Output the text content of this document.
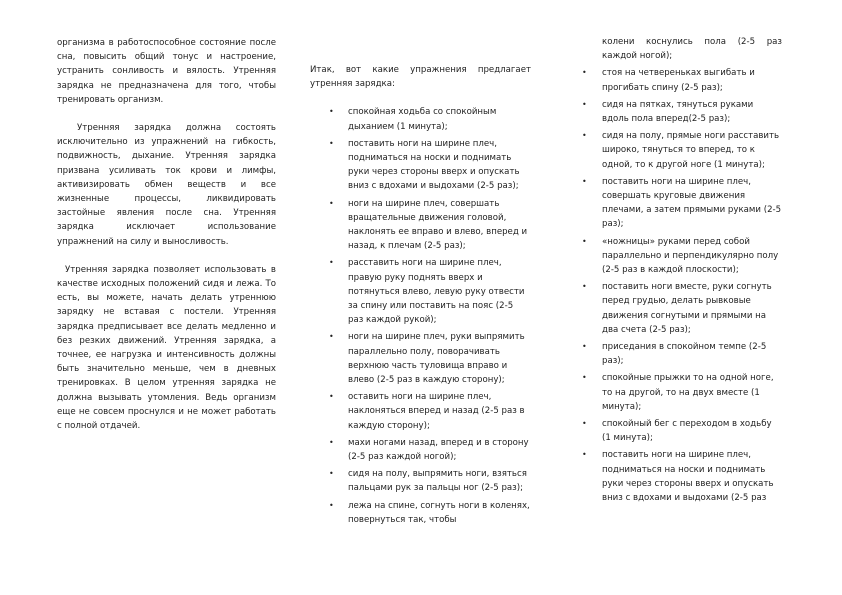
организма в работоспособное состояние после сна, повысить общий тонус и настроение, устранить сонливость и вялость. Утренняя зарядка не предназначена для того, чтобы тренировать организм.

Утренняя зарядка должна состоять исключительно из упражнений на гибкость, подвижность, дыхание. Утренняя зарядка призвана усиливать ток крови и лимфы, активизировать обмен веществ и все жизненные процессы, ликвидировать застойные явления после сна. Утренняя зарядка исключает использование упражнений на силу и выносливость.

Утренняя зарядка позволяет использовать в качестве исходных положений сидя и лежа. То есть, вы можете, начать делать утреннюю зарядку не вставая с постели. Утренняя зарядка предписывает все делать медленно и без резких движений. Утренняя зарядка, а точнее, ее нагрузка и интенсивность должны быть значительно меньше, чем в дневных тренировках. В целом утренняя зарядка не должна вызывать утомления. Ведь организм еще не совсем проснулся и не может работать с полной отдачей.

Итак, вот какие упражнения предлагает утренняя зарядка:

•	спокойная ходьба со спокойным дыханием (1 минута);
•	поставить ноги на ширине плеч, подниматься на носки и поднимать руки через стороны вверх и опускать вниз с вдохами и выдохами (2-5 раз);
•	ноги на ширине плеч, совершать вращательные движения головой, наклонять ее вправо и влево, вперед и назад, к плечам (2-5 раз);
•	расставить ноги на ширине плеч, правую руку поднять вверх и потянуться влево, левую руку отвести за спину или поставить на пояс (2-5 раз каждой рукой);
•	ноги на ширине плеч, руки выпрямить параллельно полу, поворачивать верхнюю часть туловища вправо и влево (2-5 раз в каждую сторону);
•	оставить ноги на ширине плеч, наклоняться вперед и назад (2-5 раз в каждую сторону);
•	махи ногами назад, вперед и в сторону (2-5 раз каждой ногой);
•	сидя на полу, выпрямить ноги, взяться пальцами рук за пальцы ног (2-5 раз);
•	лежа на спине, согнуть ноги в коленях, повернуться так, чтобы

колени коснулись пола (2-5 раз каждой ногой);

•	стоя на четвереньках выгибать и прогибать спину (2-5 раз);
•	сидя на пятках, тянуться руками вдоль пола вперед(2-5 раз);
•	сидя на полу, прямые ноги расставить широко, тянуться то вперед, то к одной, то к другой ноге (1 минута);
•	поставить ноги на ширине плеч, совершать круговые движения плечами, а затем прямыми руками (2-5 раз);
•	«ножницы» руками перед собой параллельно и перпендикулярно полу (2-5 раз в каждой плоскости);
•	поставить ноги вместе, руки согнуть перед грудью, делать рывковые движения согнутыми и прямыми на два счета (2-5 раз);
•	приседания в спокойном темпе (2-5 раз);
•	спокойные прыжки то на одной ноге, то на другой, то на двух вместе (1 минута);
•	спокойный бег с переходом в ходьбу (1 минута);
•	поставить ноги на ширине плеч, подниматься на носки и поднимать руки через стороны вверх и опускать вниз с вдохами и выдохами (2-5 раз
